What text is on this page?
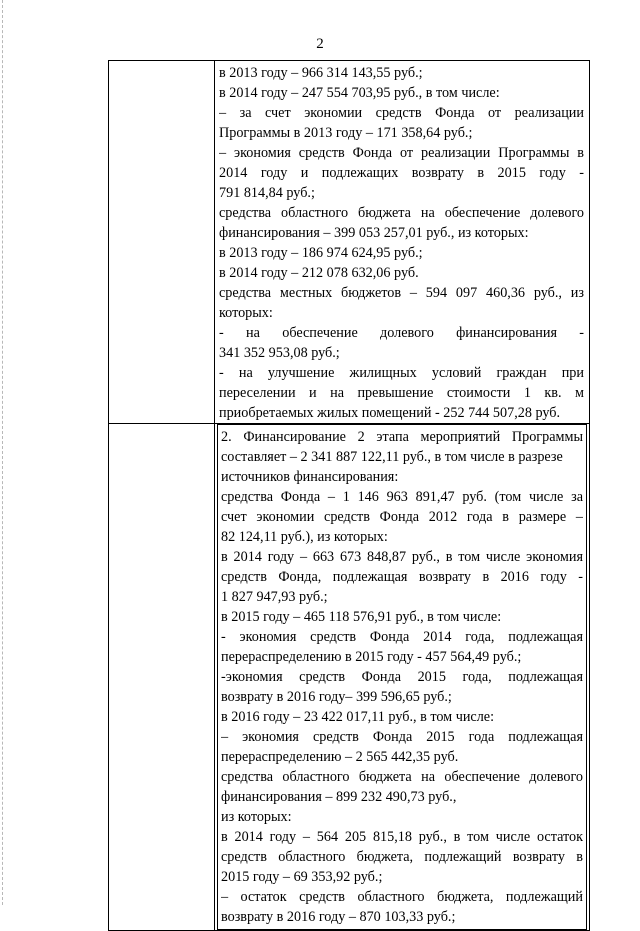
2
в 2013 году – 966 314 143,55 руб.;
в 2014 году – 247 554 703,95 руб., в том числе:
– за счет экономии средств Фонда от реализации
Программы в 2013 году – 171 358,64 руб.;
– экономия средств Фонда от реализации Программы в
2014 году и подлежащих возврату в 2015 году -
791 814,84 руб.;
средства областного бюджета на обеспечение долевого
финансирования – 399 053 257,01 руб., из которых:
в 2013 году – 186 974 624,95 руб.;
в 2014 году – 212 078 632,06 руб.
средства местных бюджетов – 594 097 460,36 руб., из
которых:
- на обеспечение долевого финансирования -
341 352 953,08 руб.;
- на улучшение жилищных условий граждан при
переселении и на превышение стоимости 1 кв. м
приобретаемых жилых помещений - 252 744 507,28 руб.
2. Финансирование 2 этапа мероприятий Программы
составляет – 2 341 887 122,11 руб., в том числе в разрезе
источников финансирования:
средства Фонда – 1 146 963 891,47 руб. (том числе за
счет экономии средств Фонда 2012 года в размере –
82 124,11 руб.), из которых:
в 2014 году – 663 673 848,87 руб., в том числе экономия
средств Фонда, подлежащая возврату в 2016 году -
1 827 947,93 руб.;
в 2015 году – 465 118 576,91 руб., в том числе:
- экономия средств Фонда 2014 года, подлежащая
перераспределению в 2015 году - 457 564,49 руб.;
-экономия средств Фонда 2015 года, подлежащая
возврату в 2016 году– 399 596,65 руб.;
в 2016 году – 23 422 017,11 руб., в том числе:
– экономия средств Фонда 2015 года подлежащая
перераспределению – 2 565 442,35 руб.
средства областного бюджета на обеспечение долевого
финансирования – 899 232 490,73 руб.,
из которых:
в 2014 году – 564 205 815,18 руб., в том числе остаток
средств областного бюджета, подлежащий возврату в
2015 году – 69 353,92 руб.;
– остаток средств областного бюджета, подлежащий
возврату в 2016 году – 870 103,33 руб.;
